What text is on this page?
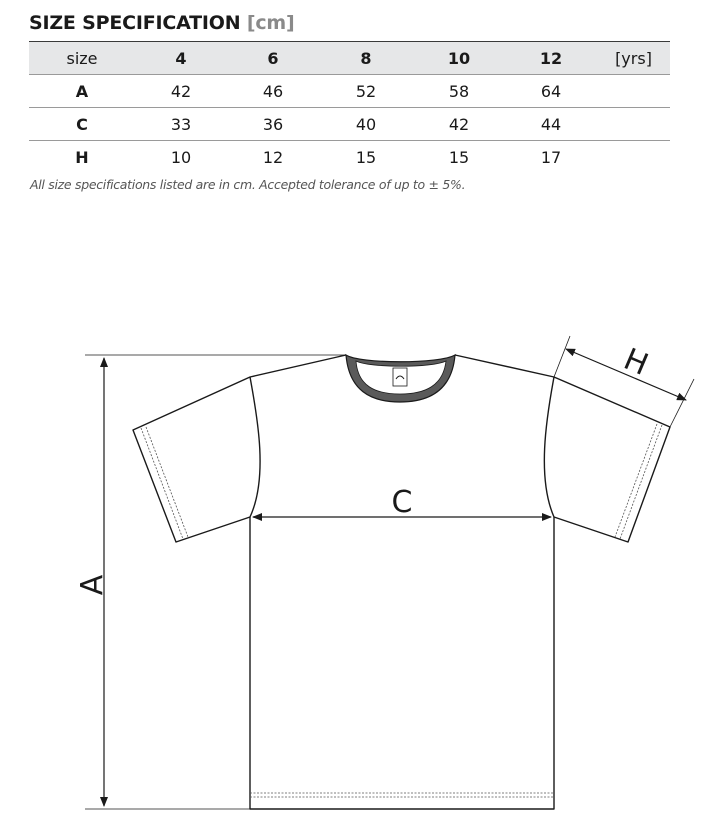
SIZE SPECIFICATION [cm]
size	4	6	8	10	12	[yrs]
A	42	46	52	58	64	
C	33	36	40	42	44	
H	10	12	15	15	17	
All size specifications listed are in cm. Accepted tolerance of up to ± 5%.
A
C
H
